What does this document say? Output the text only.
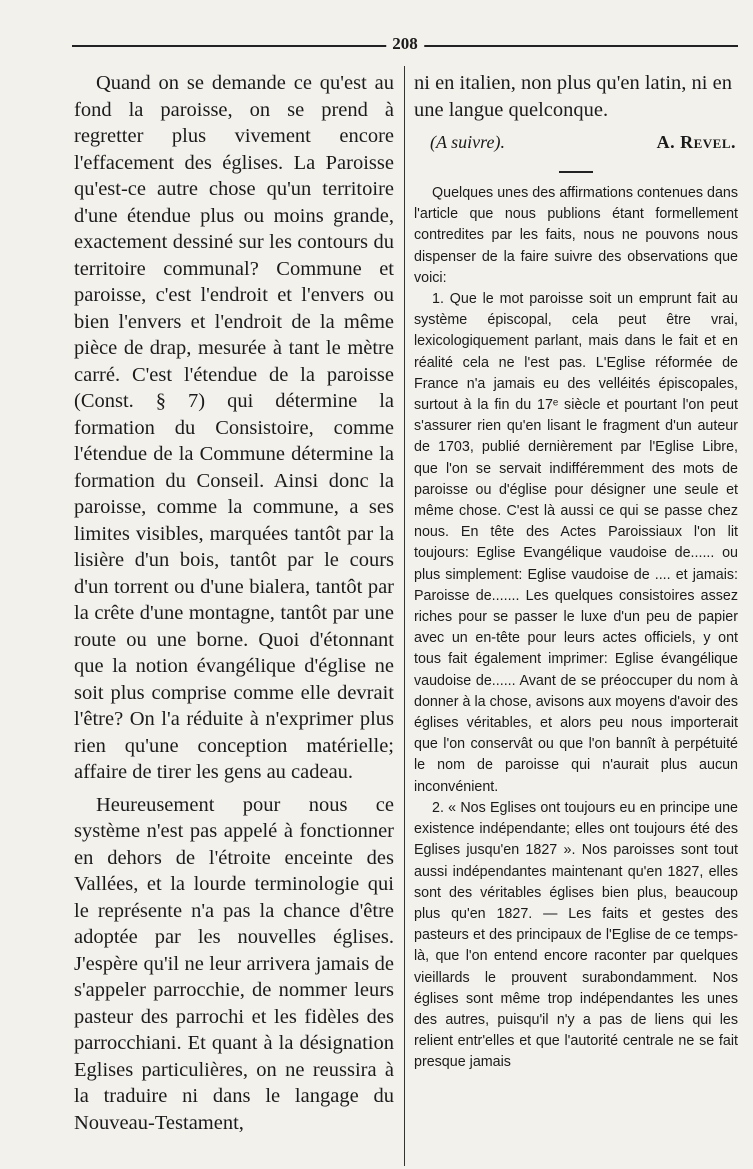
208

Quand on se demande ce qu'est au fond la paroisse, on se prend à regretter plus vivement encore l'effacement des églises. La Paroisse qu'est-ce autre chose qu'un territoire d'une étendue plus ou moins grande, exactement dessiné sur les contours du territoire communal? Commune et paroisse, c'est l'endroit et l'envers ou bien l'envers et l'endroit de la même pièce de drap, mesurée à tant le mètre carré. C'est l'étendue de la paroisse (Const. § 7) qui détermine la formation du Consistoire, comme l'étendue de la Commune détermine la formation du Conseil. Ainsi donc la paroisse, comme la commune, a ses limites visibles, marquées tantôt par la lisière d'un bois, tantôt par le cours d'un torrent ou d'une bialera, tantôt par la crête d'une montagne, tantôt par une route ou une borne. Quoi d'étonnant que la notion évangélique d'église ne soit plus comprise comme elle devrait l'être? On l'a réduite à n'exprimer plus rien qu'une conception matérielle; affaire de tirer les gens au cadeau.

Heureusement pour nous ce système n'est pas appelé à fonctionner en dehors de l'étroite enceinte des Vallées, et la lourde terminologie qui le représente n'a pas la chance d'être adoptée par les nouvelles églises. J'espère qu'il ne leur arrivera jamais de s'appeler parrocchie, de nommer leurs pasteur des parrochi et les fidèles des parrocchiani. Et quant à la désignation Eglises particulières, on ne reussira à la traduire ni dans le langage du Nouveau-Testament,

ni en italien, non plus qu'en latin, ni en une langue quelconque.

(A suivre).	A. Revel.

Quelques unes des affirmations contenues dans l'article que nous publions étant formellement contredites par les faits, nous ne pouvons nous dispenser de la faire suivre des observations que voici:

1. Que le mot paroisse soit un emprunt fait au système épiscopal, cela peut être vrai, lexicologiquement parlant, mais dans le fait et en réalité cela ne l'est pas. L'Eglise réformée de France n'a jamais eu des velléités épiscopales, surtout à la fin du 17ᵉ siècle et pourtant l'on peut s'assurer rien qu'en lisant le fragment d'un auteur de 1703, publié dernièrement par l'Eglise Libre, que l'on se servait indifféremment des mots de paroisse ou d'église pour désigner une seule et même chose. C'est là aussi ce qui se passe chez nous. En tête des Actes Paroissiaux l'on lit toujours: Eglise Evangélique vaudoise de...... ou plus simplement: Eglise vaudoise de .... et jamais: Paroisse de....... Les quelques consistoires assez riches pour se passer le luxe d'un peu de papier avec un en-tête pour leurs actes officiels, y ont tous fait également imprimer: Eglise évangélique vaudoise de...... Avant de se préoccuper du nom à donner à la chose, avisons aux moyens d'avoir des églises véritables, et alors peu nous importerait que l'on conservât ou que l'on bannît à perpétuité le nom de paroisse qui n'aurait plus aucun inconvénient.

2. « Nos Eglises ont toujours eu en principe une existence indépendante; elles ont toujours été des Eglises jusqu'en 1827 ». Nos paroisses sont tout aussi indépendantes maintenant qu'en 1827, elles sont des véritables églises bien plus, beaucoup plus qu'en 1827. — Les faits et gestes des pasteurs et des principaux de l'Eglise de ce temps-là, que l'on entend encore raconter par quelques vieillards le prouvent surabondamment. Nos églises sont même trop indépendantes les unes des autres, puisqu'il n'y a pas de liens qui les relient entr'elles et que l'autorité centrale ne se fait presque jamais
